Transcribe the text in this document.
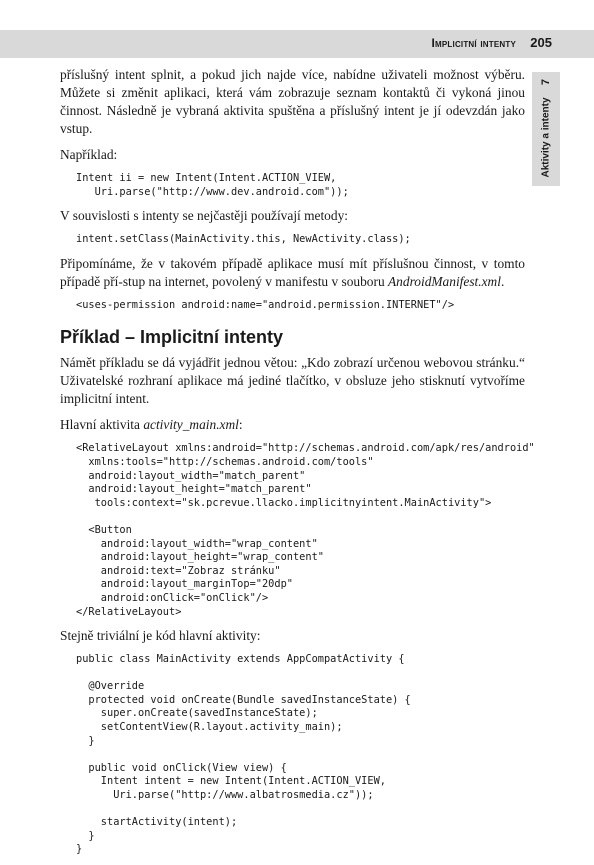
Implicitní intenty 205
7
Aktivity a intenty

příslušný intent splnit, a pokud jich najde více, nabídne uživateli možnost výběru. Můžete si změnit aplikaci, která vám zobrazuje seznam kontaktů či vykoná jinou činnost. Následně je vybraná aktivita spuštěna a příslušný intent je jí odevzdán jako vstup.

Například:

Intent ii = new Intent(Intent.ACTION_VIEW,
Uri.parse("http://www.dev.android.com"));

V souvislosti s intenty se nejčastěji používají metody:

intent.setClass(MainActivity.this, NewActivity.class);

Připomínáme, že v takovém případě aplikace musí mít příslušnou činnost, v tomto případě pří-stup na internet, povolený v manifestu v souboru AndroidManifest.xml.

<uses-permission android:name="android.permission.INTERNET"/>
Příklad – Implicitní intenty

Námět příkladu se dá vyjádřit jednou větou: „Kdo zobrazí určenou webovou stránku.“ Uživatelské rozhraní aplikace má jediné tlačítko, v obsluze jeho stisknutí vytvoříme implicitní intent.

Hlavní aktivita activity_main.xml:

<RelativeLayout xmlns:android="http://schemas.android.com/apk/res/android"
xmlns:tools="http://schemas.android.com/tools"
android:layout_width="match_parent"
android:layout_height="match_parent"
tools:context="sk.pcrevue.llacko.implicitnyintent.MainActivity">

<Button
android:layout_width="wrap_content"
android:layout_height="wrap_content"
android:text="Zobraz stránku"
android:layout_marginTop="20dp"
android:onClick="onClick"/>
</RelativeLayout>

Stejně triviální je kód hlavní aktivity:

public class MainActivity extends AppCompatActivity {

@Override
protected void onCreate(Bundle savedInstanceState) {
super.onCreate(savedInstanceState);
setContentView(R.layout.activity_main);
}

public void onClick(View view) {
Intent intent = new Intent(Intent.ACTION_VIEW,
Uri.parse("http://www.albatrosmedia.cz"));

startActivity(intent);
}
}
